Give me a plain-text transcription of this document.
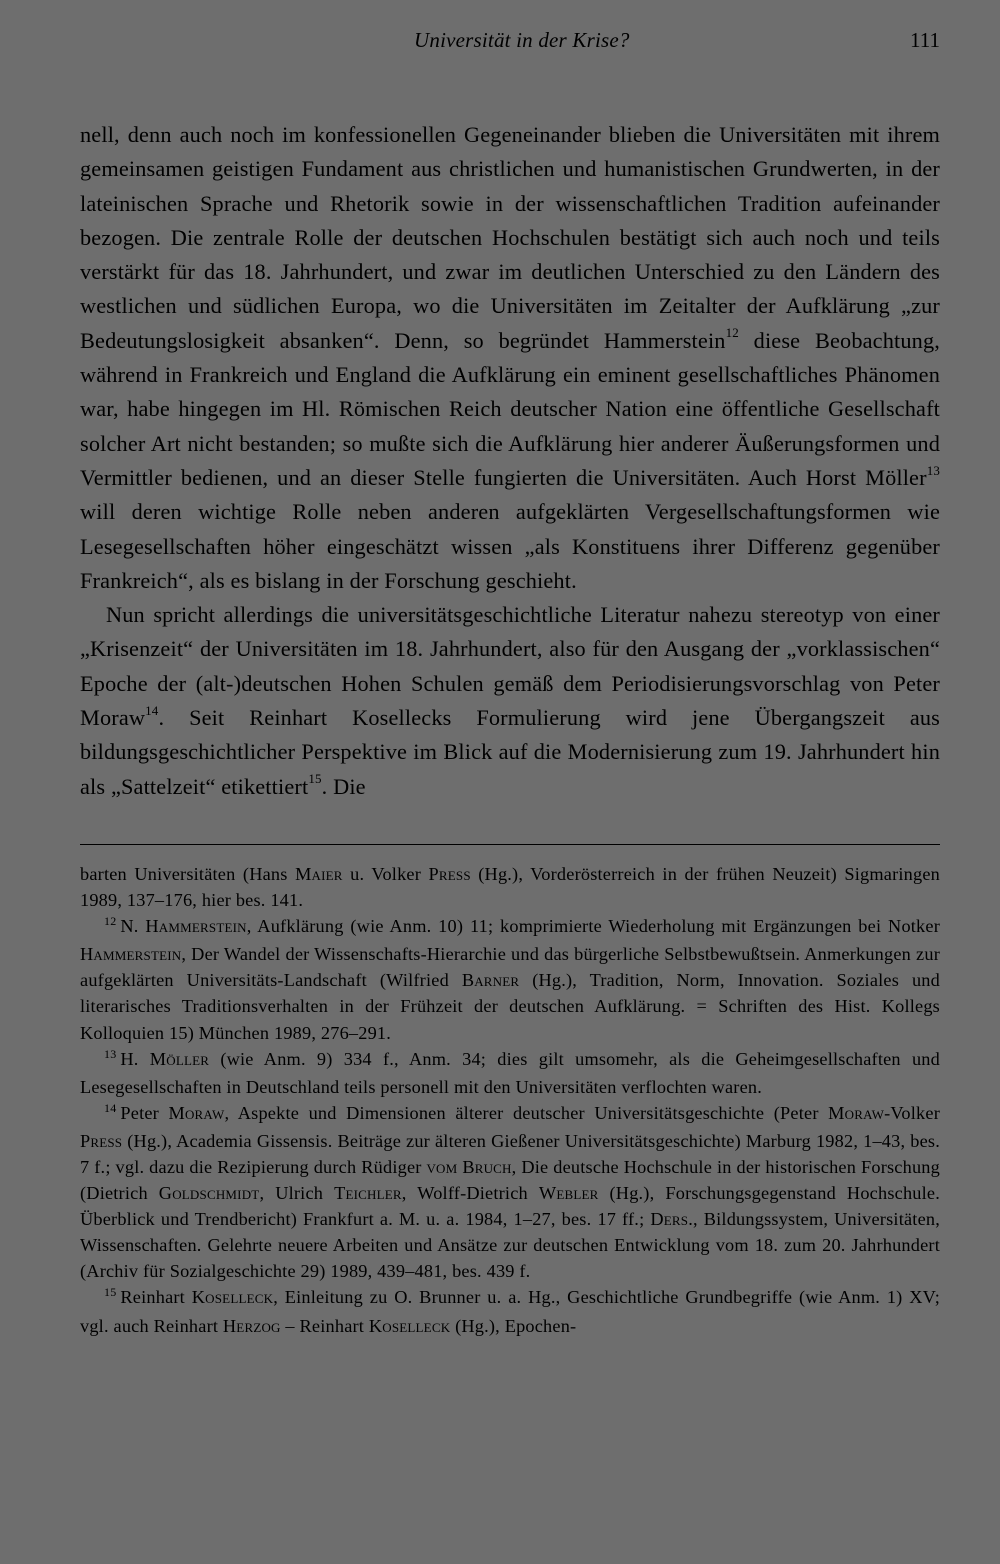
Universität in der Krise?	111

nell, denn auch noch im konfessionellen Gegeneinander blieben die Universitäten mit ihrem gemeinsamen geistigen Fundament aus christlichen und humanistischen Grundwerten, in der lateinischen Sprache und Rhetorik sowie in der wissenschaftlichen Tradition aufeinander bezogen. Die zentrale Rolle der deutschen Hochschulen bestätigt sich auch noch und teils verstärkt für das 18. Jahrhundert, und zwar im deutlichen Unterschied zu den Ländern des westlichen und südlichen Europa, wo die Universitäten im Zeitalter der Aufklärung „zur Bedeutungslosigkeit absanken“. Denn, so begründet Hammerstein$^{12}$ diese Beobachtung, während in Frankreich und England die Aufklärung ein eminent gesellschaftliches Phänomen war, habe hingegen im Hl. Römischen Reich deutscher Nation eine öffentliche Gesellschaft solcher Art nicht bestanden; so mußte sich die Aufklärung hier anderer Äußerungsformen und Vermittler bedienen, und an dieser Stelle fungierten die Universitäten. Auch Horst Möller$^{13}$ will deren wichtige Rolle neben anderen aufgeklärten Vergesellschaftungsformen wie Lesegesellschaften höher eingeschätzt wissen „als Konstituens ihrer Differenz gegenüber Frankreich“, als es bislang in der Forschung geschieht.

Nun spricht allerdings die universitätsgeschichtliche Literatur nahezu stereotyp von einer „Krisenzeit“ der Universitäten im 18. Jahrhundert, also für den Ausgang der „vorklassischen“ Epoche der (alt-)deutschen Hohen Schulen gemäß dem Periodisierungsvorschlag von Peter Moraw$^{14}$. Seit Reinhart Kosellecks Formulierung wird jene Übergangszeit aus bildungsgeschichtlicher Perspektive im Blick auf die Modernisierung zum 19. Jahrhundert hin als „Sattelzeit“ etikettiert$^{15}$. Die

barten Universitäten (Hans Maier u. Volker Press (Hg.), Vorderösterreich in der frühen Neuzeit) Sigmaringen 1989, 137–176, hier bes. 141.

$^{12}$ N. Hammerstein, Aufklärung (wie Anm. 10) 11; komprimierte Wiederholung mit Ergänzungen bei Notker Hammerstein, Der Wandel der Wissenschafts-Hierarchie und das bürgerliche Selbstbewußtsein. Anmerkungen zur aufgeklärten Universitäts-Landschaft (Wilfried Barner (Hg.), Tradition, Norm, Innovation. Soziales und literarisches Traditionsverhalten in der Frühzeit der deutschen Aufklärung. = Schriften des Hist. Kollegs Kolloquien 15) München 1989, 276–291.

$^{13}$ H. Möller (wie Anm. 9) 334 f., Anm. 34; dies gilt umsomehr, als die Geheimgesellschaften und Lesegesellschaften in Deutschland teils personell mit den Universitäten verflochten waren.

$^{14}$ Peter Moraw, Aspekte und Dimensionen älterer deutscher Universitätsgeschichte (Peter Moraw-Volker Press (Hg.), Academia Gissensis. Beiträge zur älteren Gießener Universitätsgeschichte) Marburg 1982, 1–43, bes. 7 f.; vgl. dazu die Rezipierung durch Rüdiger vom Bruch, Die deutsche Hochschule in der historischen Forschung (Dietrich Goldschmidt, Ulrich Teichler, Wolff-Dietrich Webler (Hg.), Forschungsgegenstand Hochschule. Überblick und Trendbericht) Frankfurt a. M. u. a. 1984, 1–27, bes. 17 ff.; Ders., Bildungssystem, Universitäten, Wissenschaften. Gelehrte neuere Arbeiten und Ansätze zur deutschen Entwicklung vom 18. zum 20. Jahrhundert (Archiv für Sozialgeschichte 29) 1989, 439–481, bes. 439 f.

$^{15}$ Reinhart Koselleck, Einleitung zu O. Brunner u. a. Hg., Geschichtliche Grundbegriffe (wie Anm. 1) XV; vgl. auch Reinhart Herzog – Reinhart Koselleck (Hg.), Epochen-
